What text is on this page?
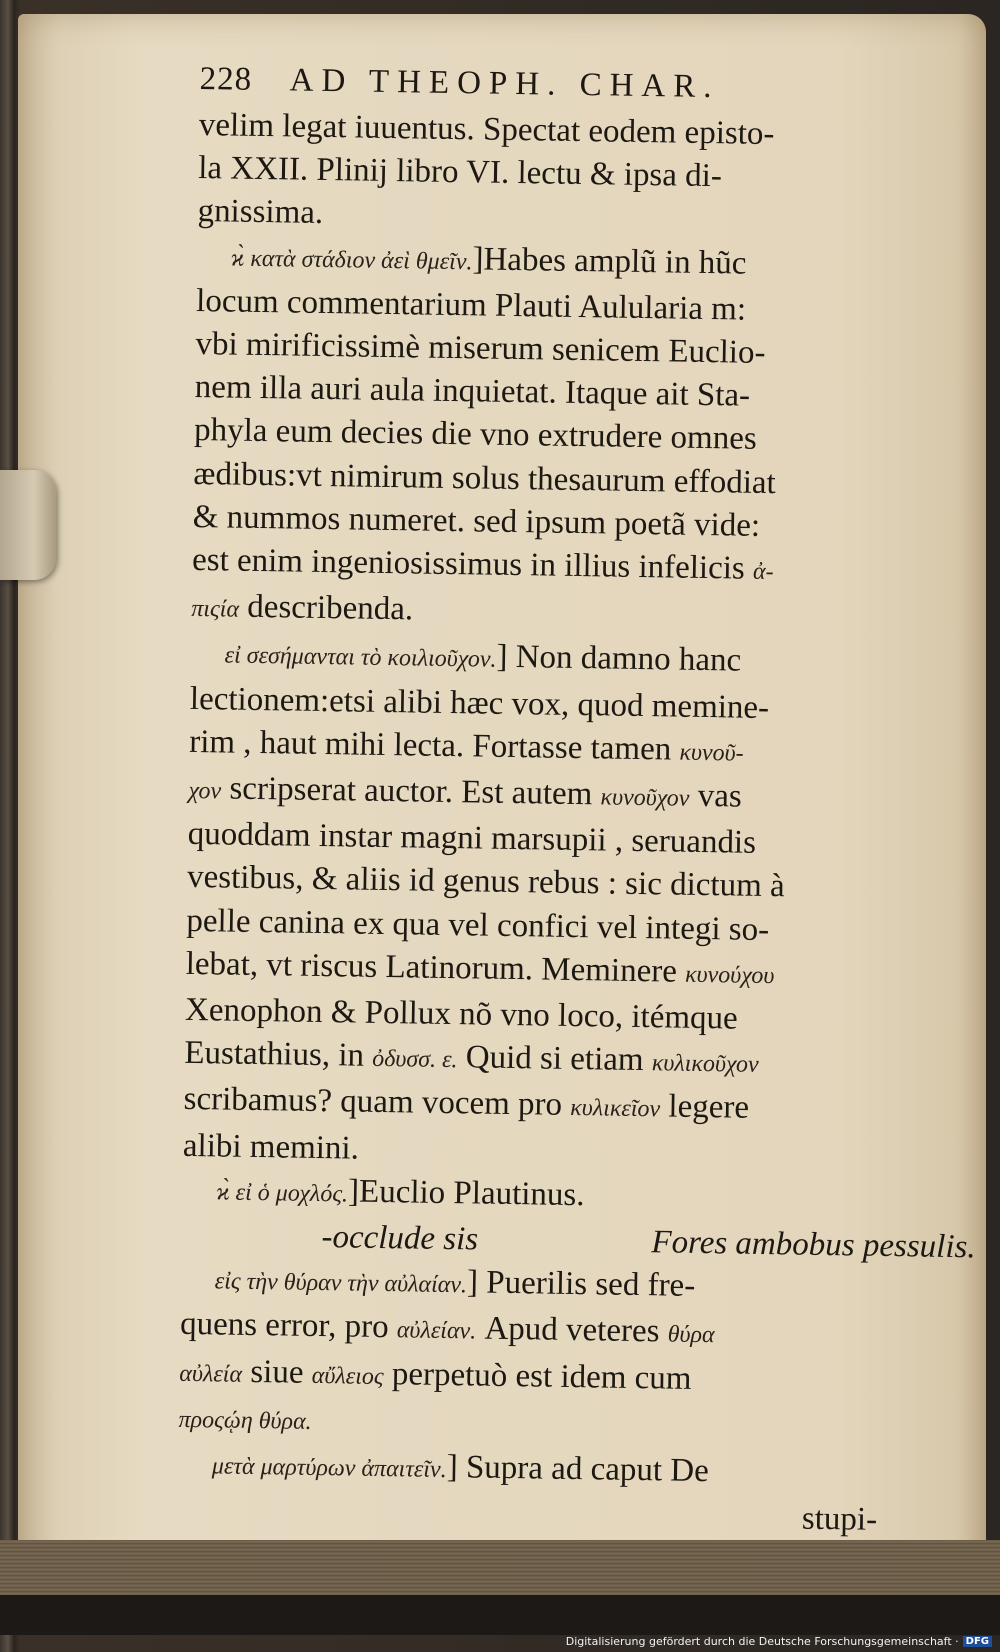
228	AD THEOPH. CHAR.
velim legat iuuentus. Spectat eodem episto-
la XXII. Plinij libro VI. lectu & ipsa di-
gnissima.
ϰ̀ κατὰ στάδιον ἀεὶ θμεῖν.]Habes amplũ in hũc
locum commentarium Plauti Aulularia m:
vbi mirificissimè miserum senicem Euclio-
nem illa auri aula inquietat. Itaque ait Sta-
phyla eum decies die vno extrudere omnes
ædibus:vt nimirum solus thesaurum effodiat
& nummos numeret. sed ipsum poetã vide:
est enim ingeniosissimus in illius infelicis ἀ-
πιςία describenda.
εἰ σεσήμανται τὸ κοιλιοῦχον.] Non damno hanc
lectionem:etsi alibi hæc vox, quod memine-
rim , haut mihi lecta. Fortasse tamen κυνοῦ-
χον scripserat auctor. Est autem κυνοῦχον vas
quoddam instar magni marsupii , seruandis
vestibus, & aliis id genus rebus : sic dictum à
pelle canina ex qua vel confici vel integi so-
lebat, vt riscus Latinorum. Meminere κυνούχου
Xenophon & Pollux nõ vno loco, itémque
Eustathius, in ὀδυσσ. ε. Quid si etiam κυλικοῦχον
scribamus? quam vocem pro κυλικεῖον legere
alibi memini.
ϰ̀ εἰ ὁ μοχλός.]Euclio Plautinus.
-occlude sis	Fores ambobus pessulis.
εἰς τὴν θύραν τὴν αὐλαίαν.] Puerilis sed fre-
quens error, pro αὐλείαν. Apud veteres θύρα
αὐλεία siue αὔλειος perpetuò est idem cum
προςῴη θύρα.
μετὰ μαρτύρων ἀπαιτεῖν.] Supra ad caput De
stupi-
Digitalisierung gefördert durch die Deutsche Forschungsgemeinschaft · DFG
